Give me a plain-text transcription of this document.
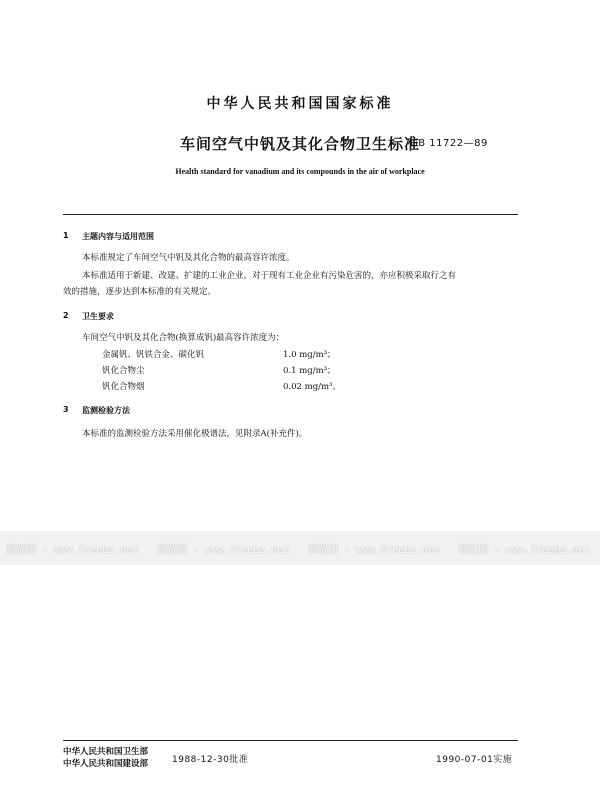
中华人民共和国国家标准
车间空气中钒及其化合物卫生标准
GB 11722—89
Health standard for vanadium and its compounds in the air of workplace
1 主题内容与适用范围
本标准规定了车间空气中钒及其化合物的最高容许浓度。
本标准适用于新建、改建、扩建的工业企业。对于现有工业企业有污染危害的，亦应积极采取行之有
效的措施，逐步达到本标准的有关规定。
2 卫生要求
车间空气中钒及其化合物(换算成钒)最高容许浓度为：
金属钒、钒铁合金、碳化钒	1.0 mg/m³；
钒化合物尘	0.1 mg/m³；
钒化合物烟	0.02 mg/m³。
3 监测检验方法
本标准的监测检验方法采用催化极谱法，见附录A(补充件)。
预览图 - www.freebz.net 预览图 - www.freebz.net 预览图 - www.freebz.net 预览图 - www.freebz.net
中华人民共和国卫生部
中华人民共和国建设部	1988-12-30批准	1990-07-01实施
